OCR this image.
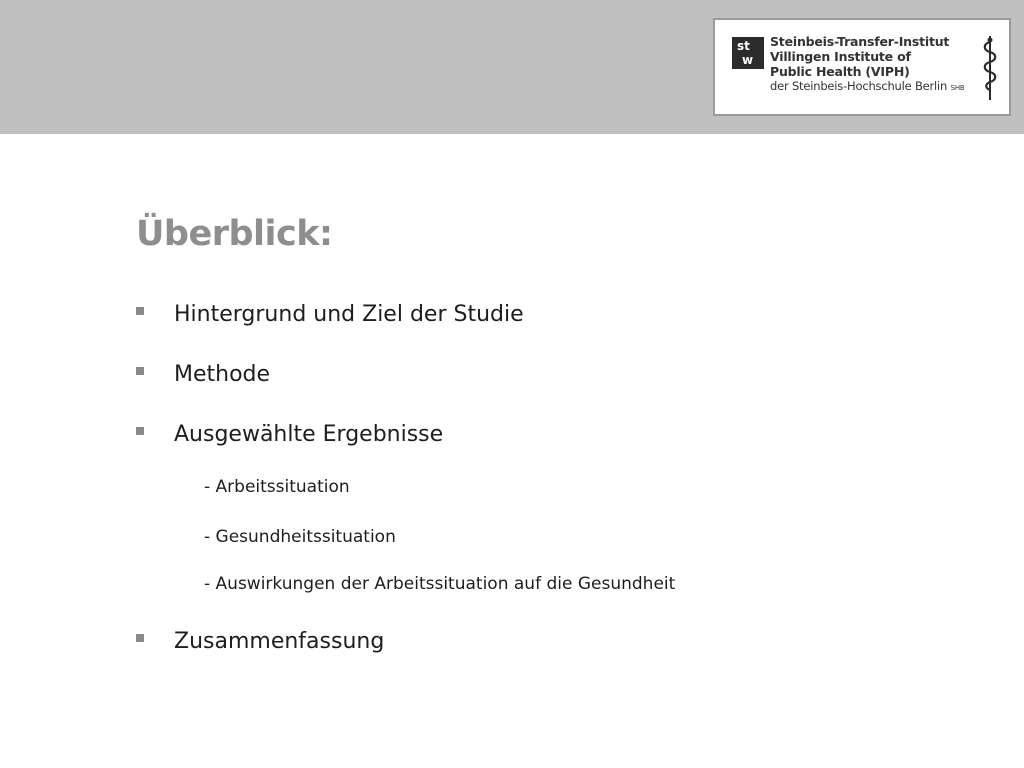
st
w
Steinbeis-Transfer-Institut
Villingen Institute of
Public Health (VIPH)
der Steinbeis-Hochschule Berlin SHB
Überblick:
Hintergrund und Ziel der Studie
Methode
Ausgewählte Ergebnisse
- Arbeitssituation
- Gesundheitssituation
- Auswirkungen der Arbeitssituation auf die Gesundheit
Zusammenfassung
